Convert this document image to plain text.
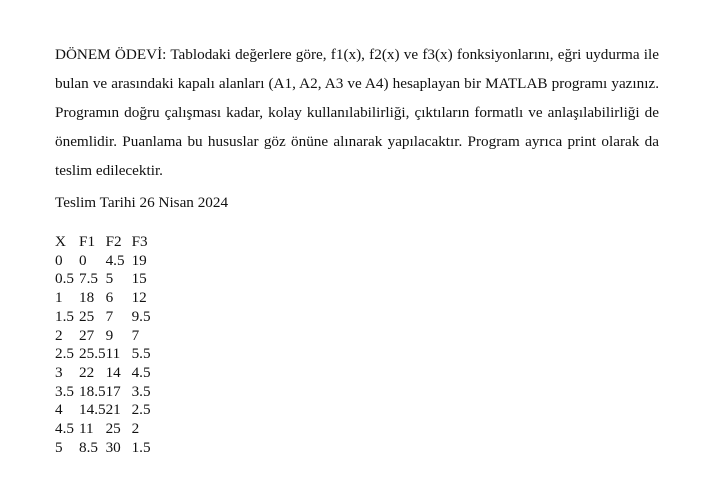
DÖNEM ÖDEVİ: Tablodaki değerlere göre, f1(x), f2(x) ve f3(x) fonksiyonlarını, eğri uydurma ile bulan ve arasındaki kapalı alanları (A1, A2, A3 ve A4) hesaplayan bir MATLAB programı yazınız. Programın doğru çalışması kadar, kolay kullanılabilirliği, çıktıların formatlı ve anlaşılabilirliği de önemlidir. Puanlama bu hususlar göz önüne alınarak yapılacaktır. Program ayrıca print olarak da teslim edilecektir.

Teslim Tarihi 26 Nisan 2024

X	F1	F2	F3
0	0	4.5	19
0.5	7.5	5	15
1	18	6	12
1.5	25	7	9.5
2	27	9	7
2.5	25.5	11	5.5
3	22	14	4.5
3.5	18.5	17	3.5
4	14.5	21	2.5
4.5	11	25	2
5	8.5	30	1.5
